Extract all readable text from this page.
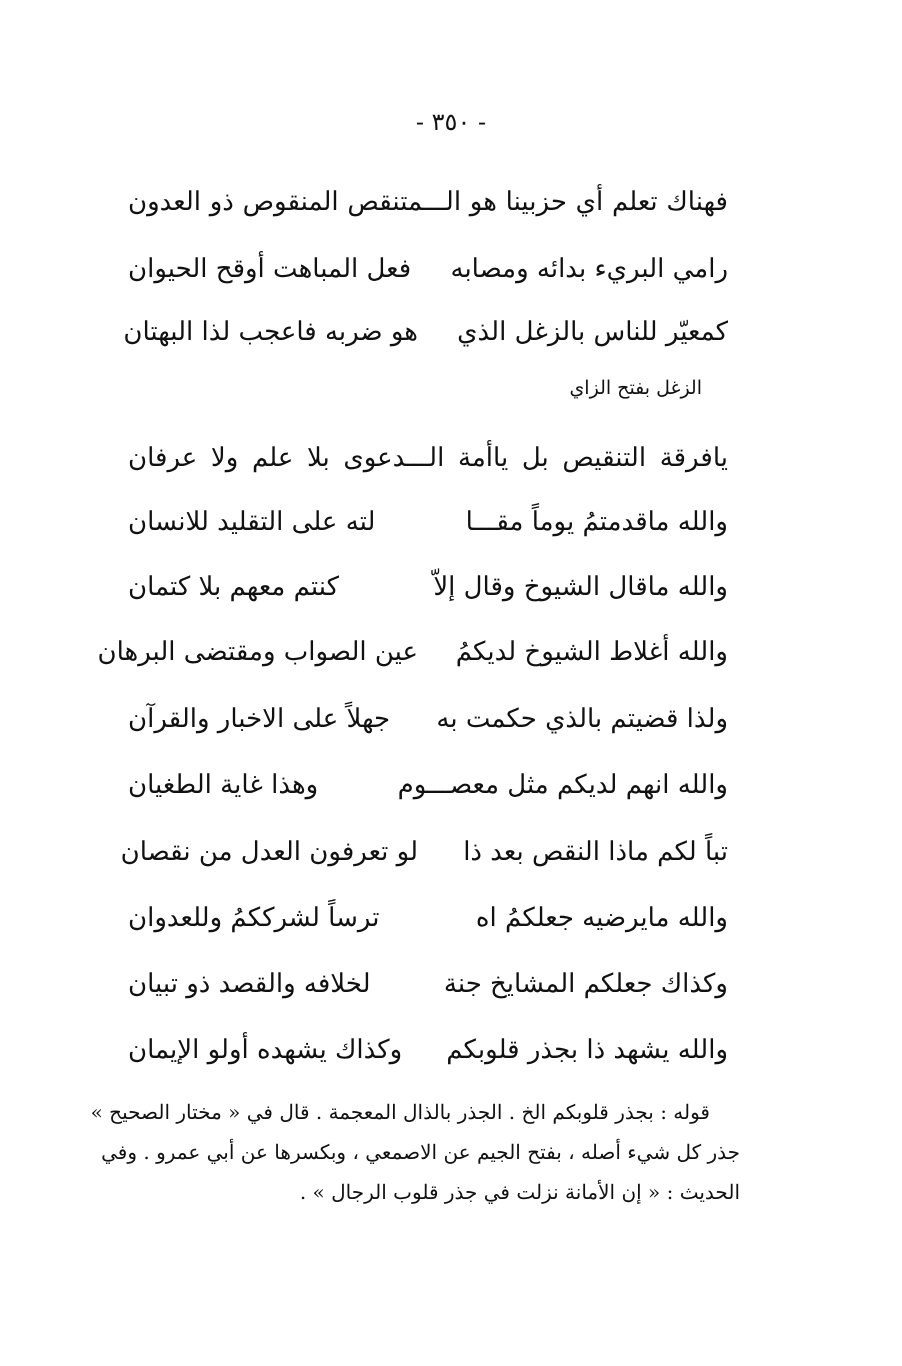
- ٣٥٠ -
فهناك تعلم أي حزبينا هو الـــمتنقص المنقوص ذو العدون
رامي البريء بدائه ومصابه
فعل المباهت أوقح الحيوان
كمعيّر للناس بالزغل الذي
هو ضربه فاعجب لذا البهتان
الزغل بفتح الزاي
يافرقة التنقيص بل ياأمة الـــدعوى بلا علم ولا عرفان
والله ماقدمتمُ يوماً مقـــا
لته على التقليد للانسان
والله ماقال الشيوخ وقال إلاّ
كنتم معهم بلا كتمان
والله أغلاط الشيوخ لديكمُ
عين الصواب ومقتضى البرهان
ولذا قضيتم بالذي حكمت به
جهلاً على الاخبار والقرآن
والله انهم لديكم مثل معصـــوم
وهذا غاية الطغيان
تباً لكم ماذا النقص بعد ذا
لو تعرفون العدل من نقصان
والله مايرضيه جعلكمُ اه
ترساً لشرككمُ وللعدوان
وكذاك جعلكم المشايخ جنة
لخلافه والقصد ذو تبيان
والله يشهد ذا بجذر قلوبكم
وكذاك يشهده أولو الإيمان
قوله : بجذر قلوبكم الخ . الجذر بالذال المعجمة . قال في « مختار الصحيح »
جذر كل شيء أصله ، بفتح الجيم عن الاصمعي ، وبكسرها عن أبي عمرو . وفي
الحديث : « إن الأمانة نزلت في جذر قلوب الرجال » .
